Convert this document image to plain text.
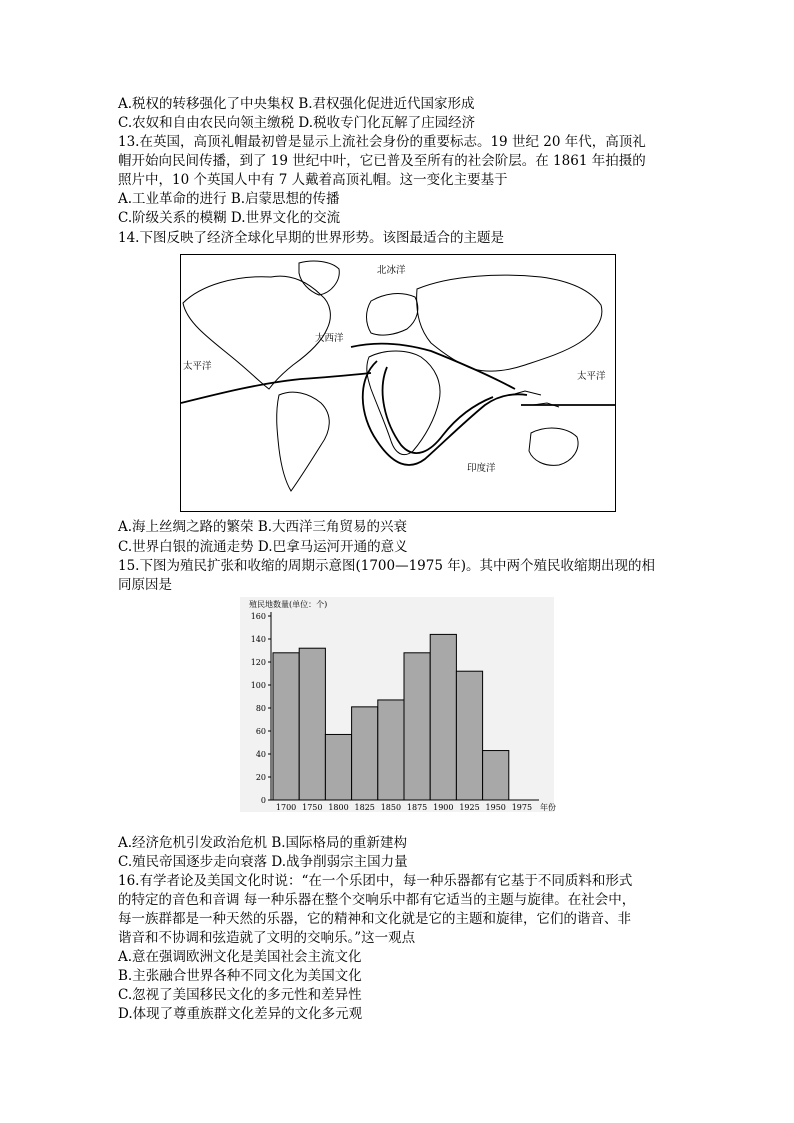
A.税权的转移强化了中央集权 B.君权强化促进近代国家形成
C.农奴和自由农民向领主缴税 D.税收专门化瓦解了庄园经济
13.在英国，高顶礼帽最初曾是显示上流社会身份的重要标志。19 世纪 20 年代，高顶礼
帽开始向民间传播，到了 19 世纪中叶，它已普及至所有的社会阶层。在 1861 年拍摄的
照片中，10 个英国人中有 7 人戴着高顶礼帽。这一变化主要基于
A.工业革命的进行 B.启蒙思想的传播
C.阶级关系的模糊 D.世界文化的交流
14.下图反映了经济全球化早期的世界形势。该图最适合的主题是
北冰洋
大西洋
太平洋
太平洋
印度洋
A.海上丝绸之路的繁荣 B.大西洋三角贸易的兴衰
C.世界白银的流通走势 D.巴拿马运河开通的意义
15.下图为殖民扩张和收缩的周期示意图(1700—1975 年)。其中两个殖民收缩期出现的相
同原因是
殖民地数量(单位：个)
0
20
40
60
80
100
120
140
160
1700 1750 1800 1825 1850 1875 1900 1925 1950 1975 年份
A.经济危机引发政治危机 B.国际格局的重新建构
C.殖民帝国逐步走向衰落 D.战争削弱宗主国力量
16.有学者论及美国文化时说：“在一个乐团中，每一种乐器都有它基于不同质料和形式
的特定的音色和音调 每一种乐器在整个交响乐中都有它适当的主题与旋律。在社会中，
每一族群都是一种天然的乐器，它的精神和文化就是它的主题和旋律，它们的谐音、非
谐音和不协调和弦造就了文明的交响乐。”这一观点
A.意在强调欧洲文化是美国社会主流文化
B.主张融合世界各种不同文化为美国文化
C.忽视了美国移民文化的多元性和差异性
D.体现了尊重族群文化差异的文化多元观
